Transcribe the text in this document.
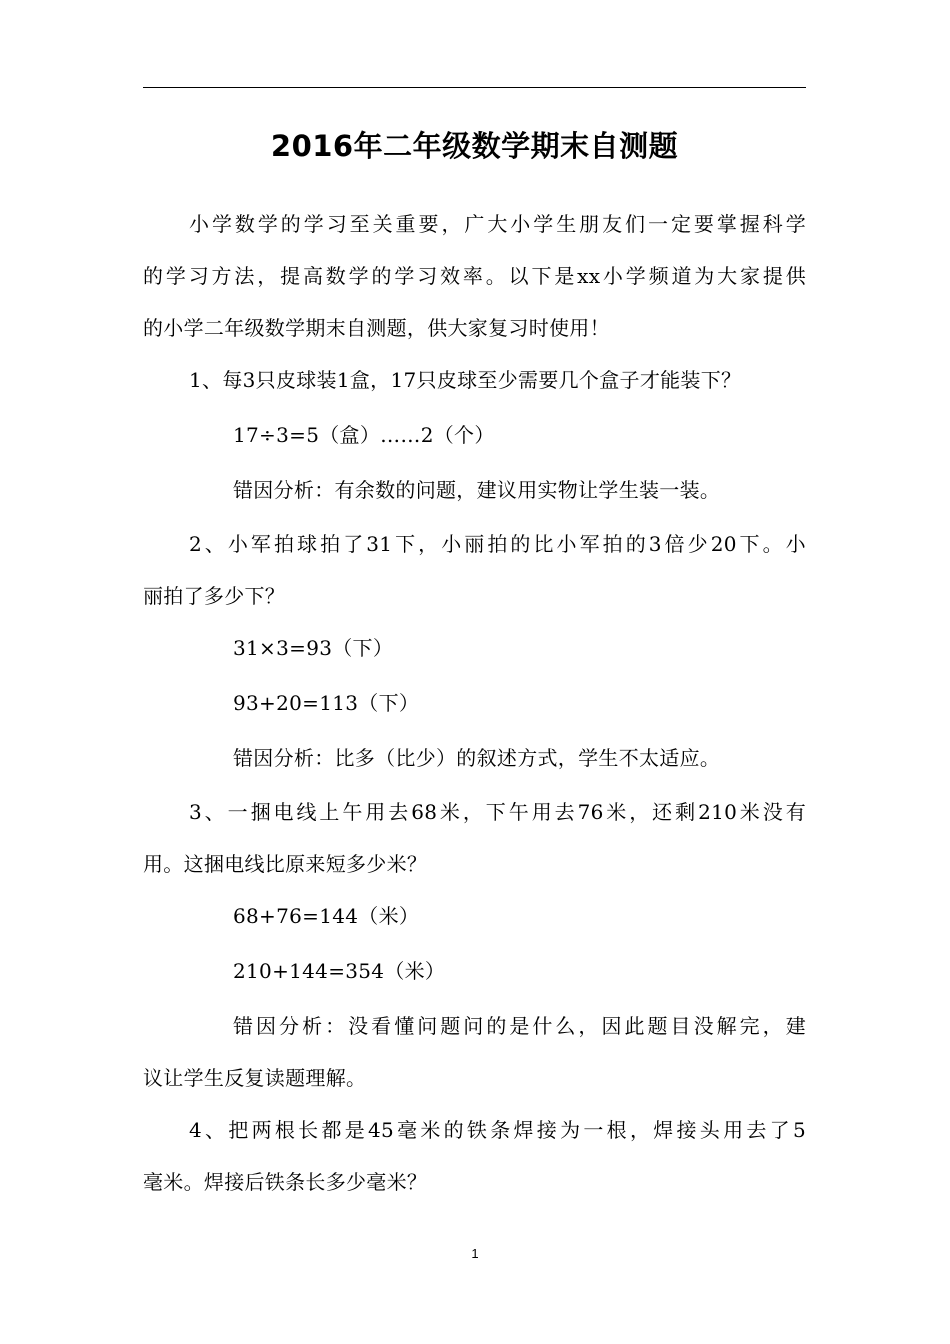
2016年二年级数学期末自测题
小学数学的学习至关重要，广大小学生朋友们一定要掌握科学
的学习方法，提高数学的学习效率。以下是xx小学频道为大家提供
的小学二年级数学期末自测题，供大家复习时使用！
1、每3只皮球装1盒，17只皮球至少需要几个盒子才能装下？
17÷3=5（盒）……2（个）
错因分析：有余数的问题，建议用实物让学生装一装。
2、小军拍球拍了31下，小丽拍的比小军拍的3倍少20下。小
丽拍了多少下？
31×3=93（下）
93+20=113（下）
错因分析：比多（比少）的叙述方式，学生不太适应。
3、一捆电线上午用去68米，下午用去76米，还剩210米没有
用。这捆电线比原来短多少米？
68+76=144（米）
210+144=354（米）
错因分析：没看懂问题问的是什么，因此题目没解完，建
议让学生反复读题理解。
4、把两根长都是45毫米的铁条焊接为一根，焊接头用去了5
毫米。焊接后铁条长多少毫米？
1
